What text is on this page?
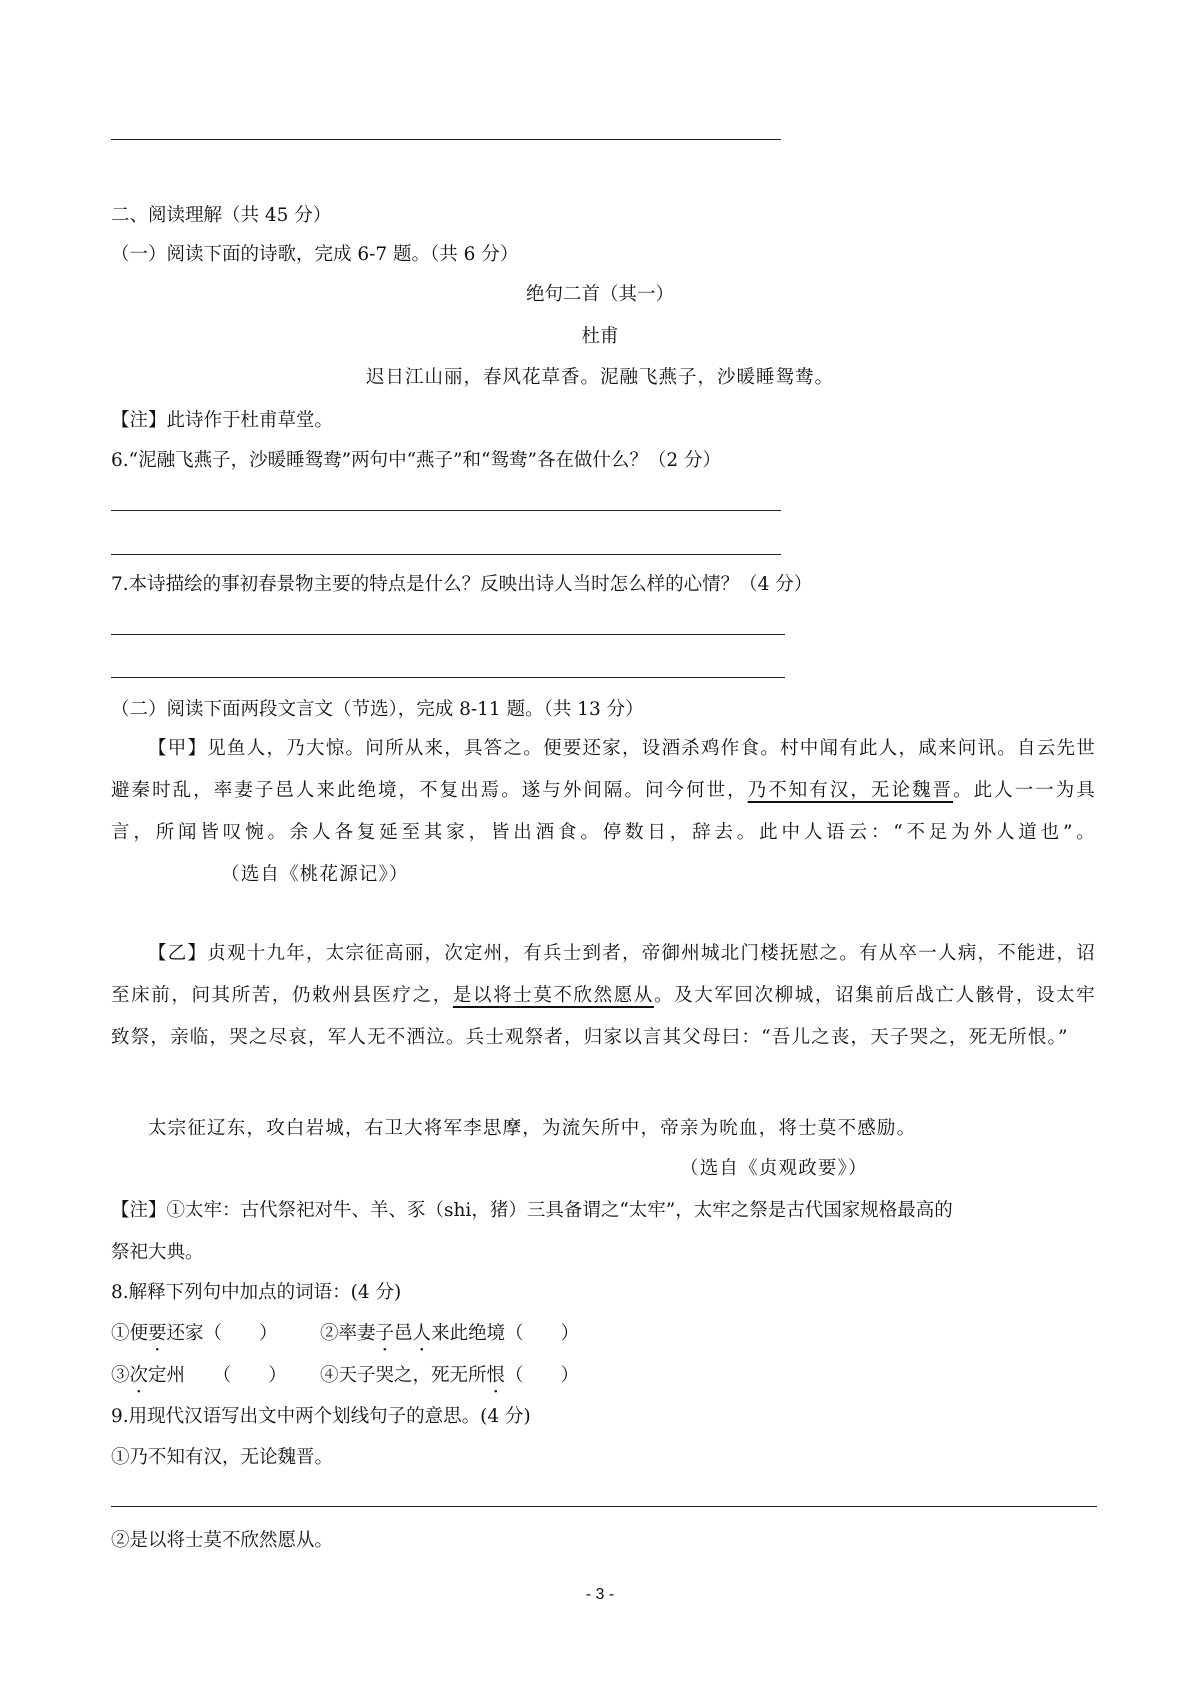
二、阅读理解（共 45 分）
（一）阅读下面的诗歌，完成 6-7 题。（共 6 分）
绝句二首（其一）
杜甫
迟日江山丽，春风花草香。泥融飞燕子，沙暖睡鸳鸯。
【注】此诗作于杜甫草堂。
6.“泥融飞燕子，沙暖睡鸳鸯”两句中“燕子”和“鸳鸯”各在做什么？（2 分）
7.本诗描绘的事初春景物主要的特点是什么？反映出诗人当时怎么样的心情？（4 分）
（二）阅读下面两段文言文（节选），完成 8-11 题。（共 13 分）
【甲】见鱼人，乃大惊。问所从来，具答之。便要还家，设酒杀鸡作食。村中闻有此人，咸来问讯。自云先世避秦时乱，率妻子邑人来此绝境，不复出焉。遂与外间隔。问今何世，乃不知有汉，无论魏晋。此人一一为具言，所闻皆叹惋。余人各复延至其家，皆出酒食。停数日，辞去。此中人语云：“不足为外人道也”。（选自《桃花源记》）
【乙】贞观十九年，太宗征高丽，次定州，有兵士到者，帝御州城北门楼抚慰之。有从卒一人病，不能进，诏至床前，问其所苦，仍敕州县医疗之，是以将士莫不欣然愿从。及大军回次柳城，诏集前后战亡人骸骨，设太牢致祭，亲临，哭之尽哀，军人无不洒泣。兵士观祭者，归家以言其父母曰：“吾儿之丧，天子哭之，死无所恨。”
太宗征辽东，攻白岩城，右卫大将军李思摩，为流矢所中，帝亲为吮血，将士莫不感励。
（选自《贞观政要》）
【注】①太牢：古代祭祀对牛、羊、豕（shi，猪）三具备谓之“太牢”，太牢之祭是古代国家规格最高的
祭祀大典。
8.解释下列句中加点的词语：(4 分)
①便要还家（　　） ②率妻子邑人来此绝境（　　）
③次定州　　（　　） ④天子哭之，死无所恨（　　）
9.用现代汉语写出文中两个划线句子的意思。(4 分)
①乃不知有汉，无论魏晋。
②是以将士莫不欣然愿从。
- 3 -
